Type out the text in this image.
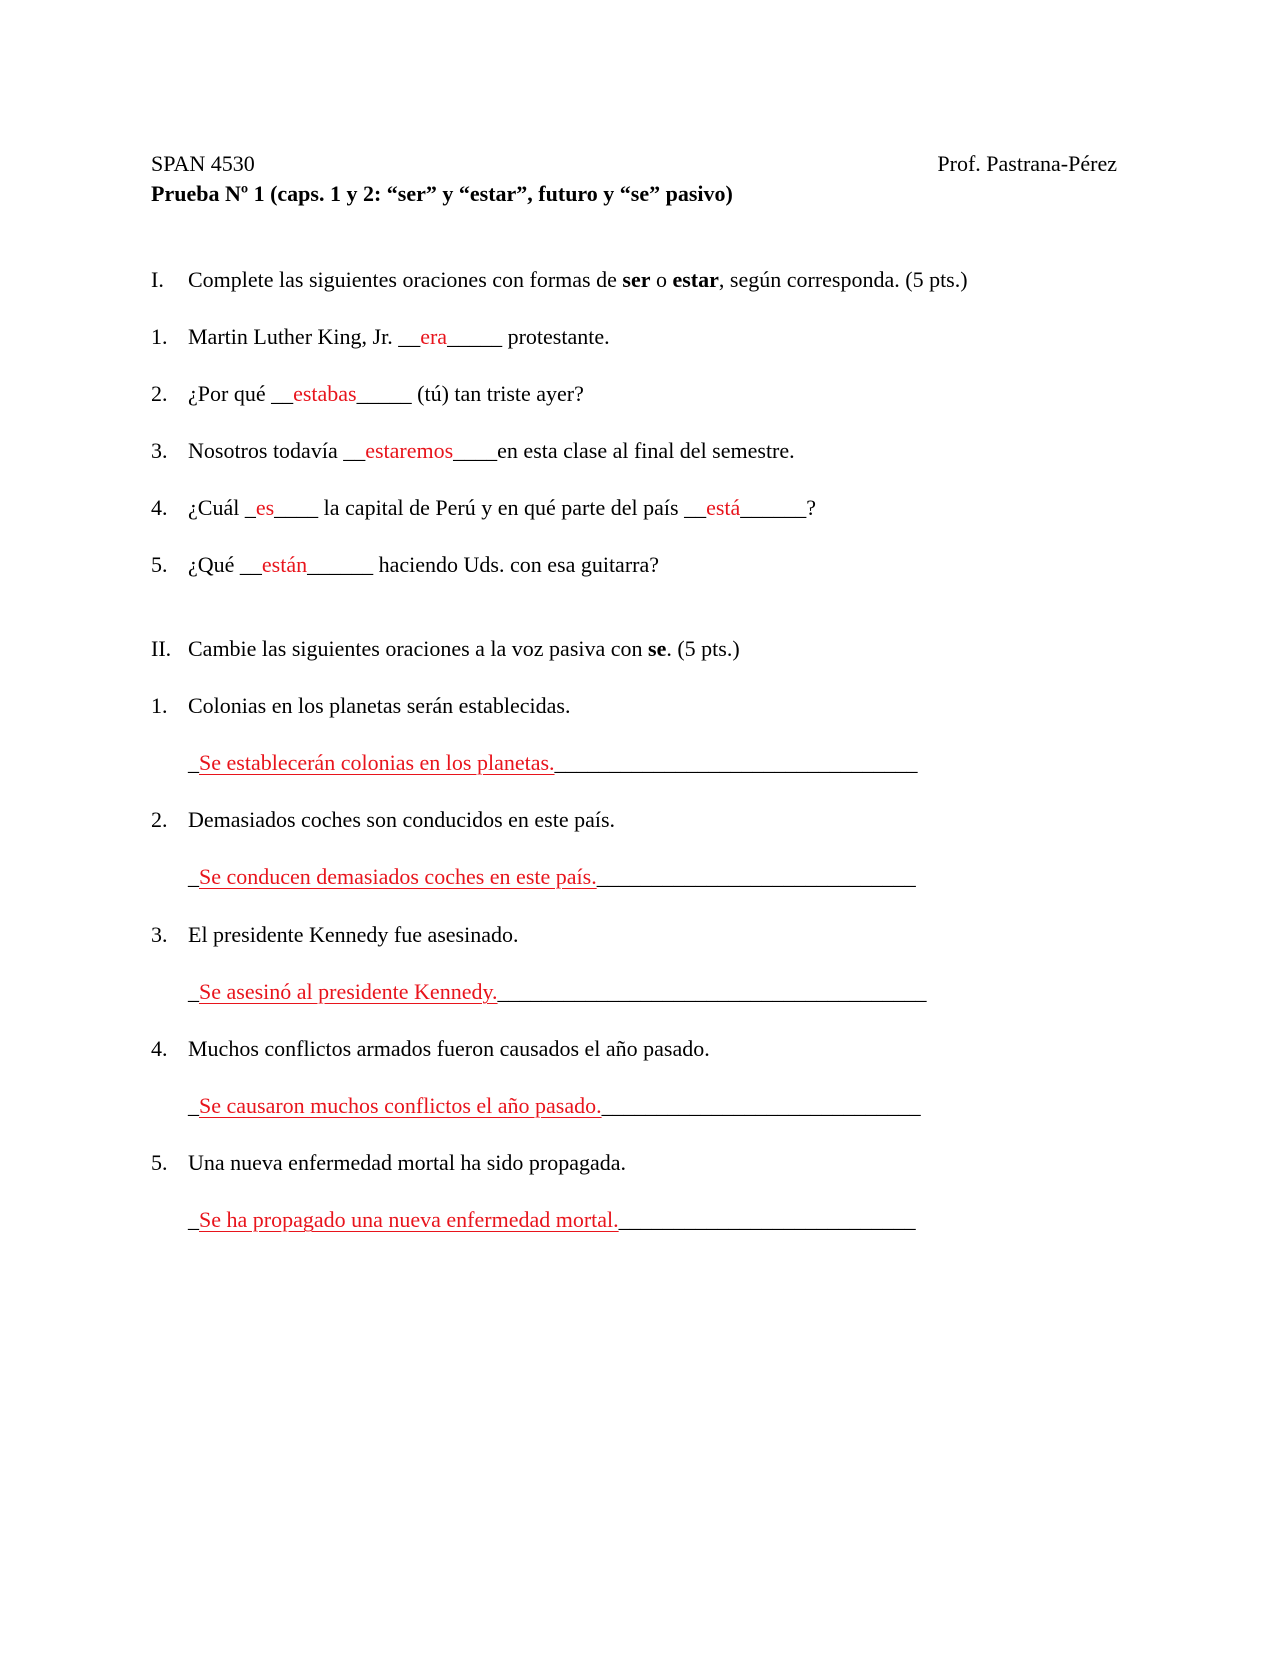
SPAN 4530	Prof. Pastrana-Pérez
Prueba Nº 1 (caps. 1 y 2: “ser” y “estar”, futuro y “se” pasivo)
I. Complete las siguientes oraciones con formas de ser o estar, según corresponda. (5 pts.)
1. Martin Luther King, Jr. __era_____ protestante.
2. ¿Por qué __estabas_____ (tú) tan triste ayer?
3. Nosotros todavía __estaremos____en esta clase al final del semestre.
4. ¿Cuál _es____ la capital de Perú y en qué parte del país __está______?
5. ¿Qué __están______ haciendo Uds. con esa guitarra?
II. Cambie las siguientes oraciones a la voz pasiva con se. (5 pts.)
1. Colonias en los planetas serán establecidas.
_Se establecerán colonias en los planetas._________________________________
2. Demasiados coches son conducidos en este país.
_Se conducen demasiados coches en este país._____________________________
3. El presidente Kennedy fue asesinado.
_Se asesinó al presidente Kennedy._______________________________________
4. Muchos conflictos armados fueron causados el año pasado.
_Se causaron muchos conflictos el año pasado._____________________________
5. Una nueva enfermedad mortal ha sido propagada.
_Se ha propagado una nueva enfermedad mortal.___________________________
